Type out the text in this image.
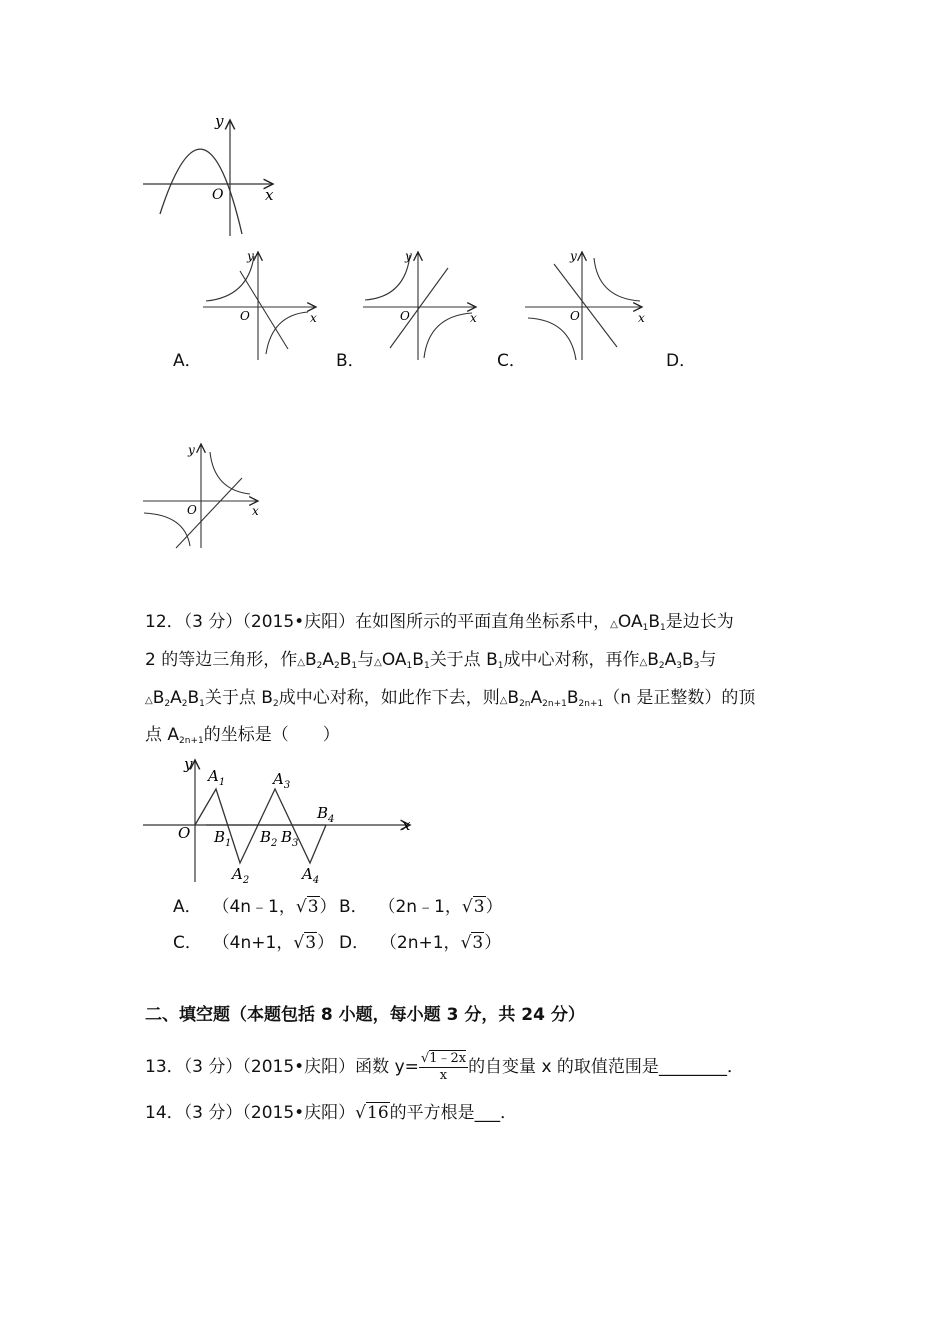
x
y
O
x
y
O	x
y
O	x
y
O
x
y
O
A．	B．	C．	D．
12．（3 分）（2015•庆阳）在如图所示的平面直角坐标系中，$\triangle OA_1B_1$是边长为
2 的等边三角形，作$\triangle B_2A_2B_1$与$\triangle OA_1B_1$关于点 $B_1$成中心对称，再作$\triangle B_2A_3B_3$与
$\triangle B_2A_2B_1$关于点 $B_2$成中心对称，如此作下去，则$\triangle B_{2n}A_{2n+1}B_{2n+1}(n$ 是正整数）的顶
点 $A_{2n+1}$的坐标是（　　）
x
y
O
$A_1$	$A_3$
$B_4$
$B_1$ $B_2$ $B_3$
$A_2$	$A_4$
A． （4n﹣1，√3） B． （2n﹣1，√3）
C． （4n+1，√3） D． （2n+1，√3）
二、填空题（本题包括 8 小题，每小题 3 分，共 24 分）
13．（3 分）（2015•庆阳）函数 $y= \frac{√1﹣2x}{x}$ 的自变量 x 的取值范围是________．
14．（3 分）（2015•庆阳）√16的平方根是___．
